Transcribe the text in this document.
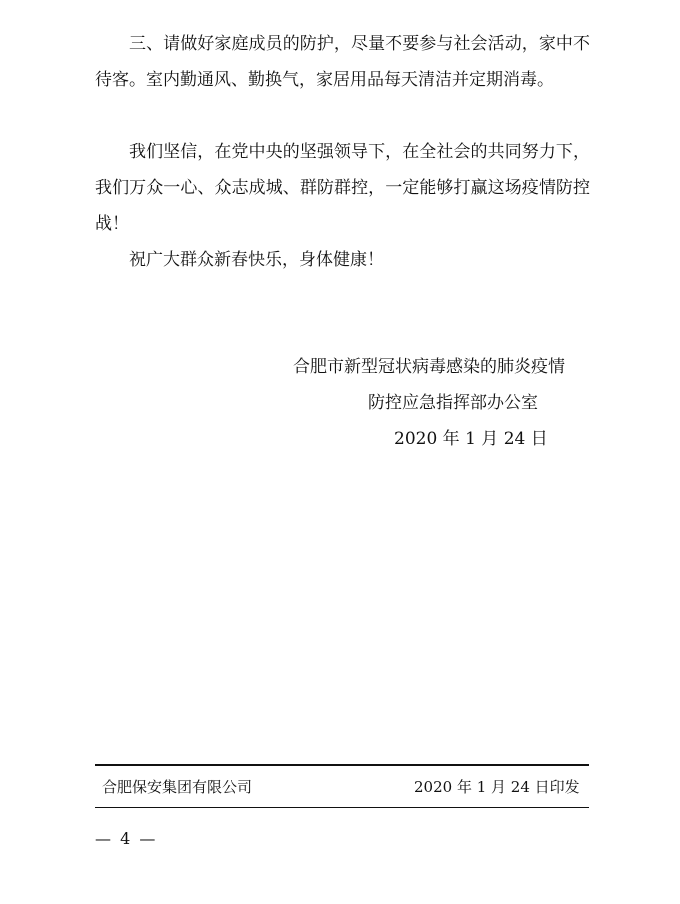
三、请做好家庭成员的防护，尽量不要参与社会活动，家中不待客。室内勤通风、勤换气，家居用品每天清洁并定期消毒。

我们坚信，在党中央的坚强领导下，在全社会的共同努力下，我们万众一心、众志成城、群防群控，一定能够打赢这场疫情防控战！

祝广大群众新春快乐，身体健康！

合肥市新型冠状病毒感染的肺炎疫情

防控应急指挥部办公室

2020 年 1 月 24 日

合肥保安集团有限公司	2020 年 1 月 24 日印发

— 4 —
